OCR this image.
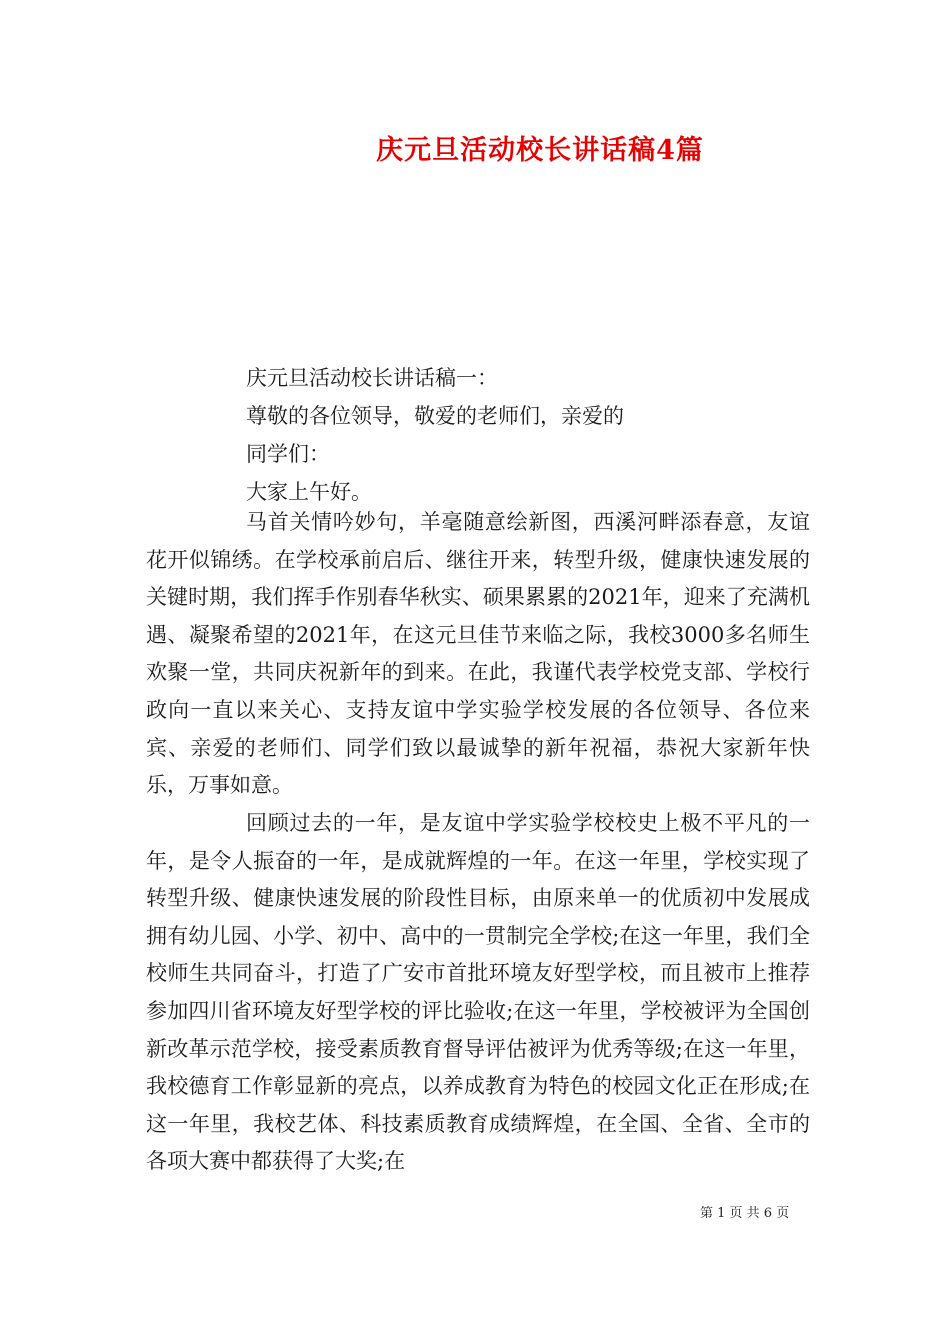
庆元旦活动校长讲话稿4篇
庆元旦活动校长讲话稿一：
尊敬的各位领导，敬爱的老师们，亲爱的
同学们：
大家上午好。

马首关情吟妙句，羊毫随意绘新图，西溪河畔添春意，友谊花开似锦绣。在学校承前启后、继往开来，转型升级，健康快速发展的关键时期，我们挥手作别春华秋实、硕果累累的2021年，迎来了充满机遇、凝聚希望的2021年，在这元旦佳节来临之际，我校3000多名师生欢聚一堂，共同庆祝新年的到来。在此，我谨代表学校党支部、学校行政向一直以来关心、支持友谊中学实验学校发展的各位领导、各位来宾、亲爱的老师们、同学们致以最诚挚的新年祝福，恭祝大家新年快乐，万事如意。

回顾过去的一年，是友谊中学实验学校校史上极不平凡的一年，是令人振奋的一年，是成就辉煌的一年。在这一年里，学校实现了转型升级、健康快速发展的阶段性目标，由原来单一的优质初中发展成拥有幼儿园、小学、初中、高中的一贯制完全学校;在这一年里，我们全校师生共同奋斗，打造了广安市首批环境友好型学校，而且被市上推荐参加四川省环境友好型学校的评比验收;在这一年里，学校被评为全国创新改革示范学校，接受素质教育督导评估被评为优秀等级;在这一年里，我校德育工作彰显新的亮点，以养成教育为特色的校园文化正在形成;在这一年里，我校艺体、科技素质教育成绩辉煌，在全国、全省、全市的各项大赛中都获得了大奖;在

第 1 页 共 6 页
